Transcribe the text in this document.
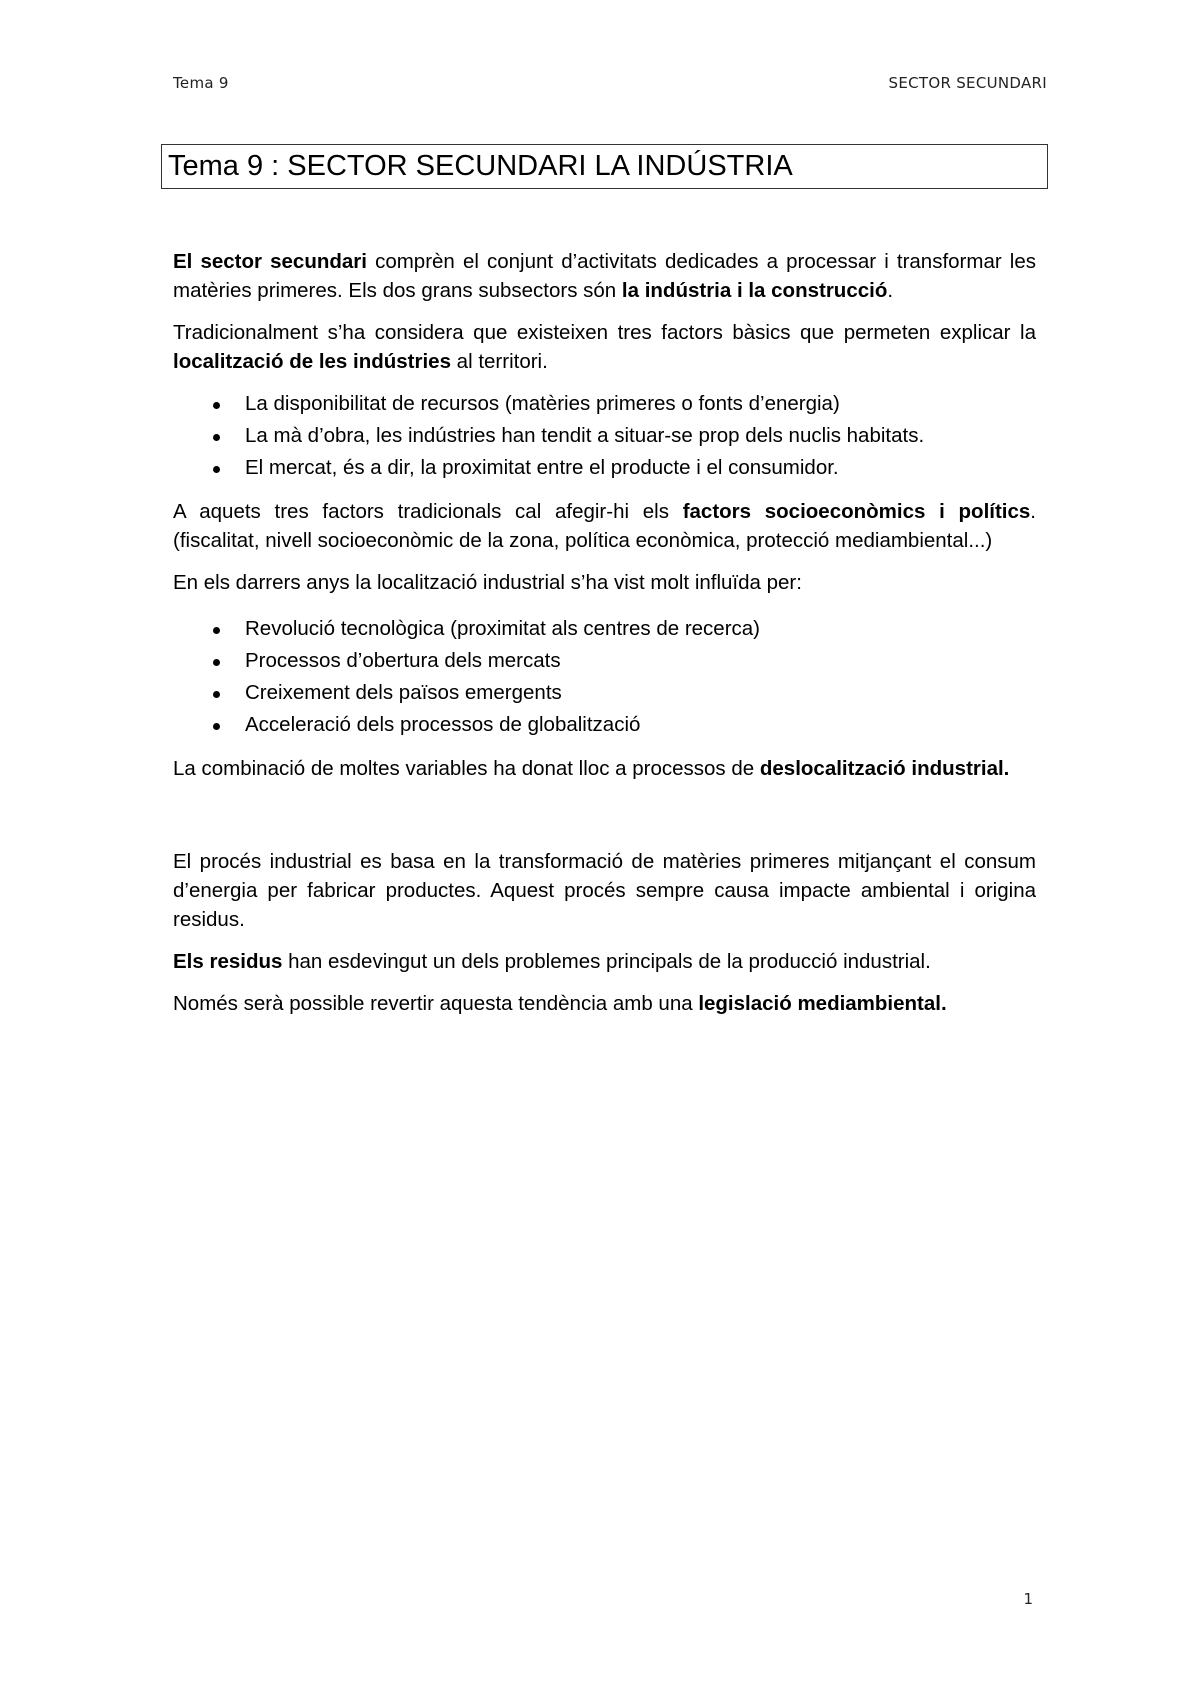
Tema 9	SECTOR SECUNDARI
Tema 9 : SECTOR SECUNDARI LA INDÚSTRIA

El sector secundari comprèn el conjunt d’activitats dedicades a processar i transformar les matèries primeres. Els dos grans subsectors són la indústria i la construcció.

Tradicionalment s’ha considera que existeixen tres factors bàsics que permeten explicar la localització de les indústries al territori.

La disponibilitat de recursos (matèries primeres o fonts d’energia)
La mà d’obra, les indústries han tendit a situar-se prop dels nuclis habitats.
El mercat, és a dir, la proximitat entre el producte i el consumidor.

A aquets tres factors tradicionals cal afegir-hi els factors socioeconòmics i polítics. (fiscalitat, nivell socioeconòmic de la zona, política econòmica, protecció mediambiental...)

En els darrers anys la localització industrial s’ha vist molt influïda per:

Revolució tecnològica (proximitat als centres de recerca)
Processos d’obertura dels mercats
Creixement dels països emergents
Acceleració dels processos de globalització

La combinació de moltes variables ha donat lloc a processos de deslocalització industrial.

El procés industrial es basa en la transformació de matèries primeres mitjançant el consum d’energia per fabricar productes. Aquest procés sempre causa impacte ambiental i origina residus.

Els residus han esdevingut un dels problemes principals de la producció industrial.

Només serà possible revertir aquesta tendència amb una legislació mediambiental.

1
